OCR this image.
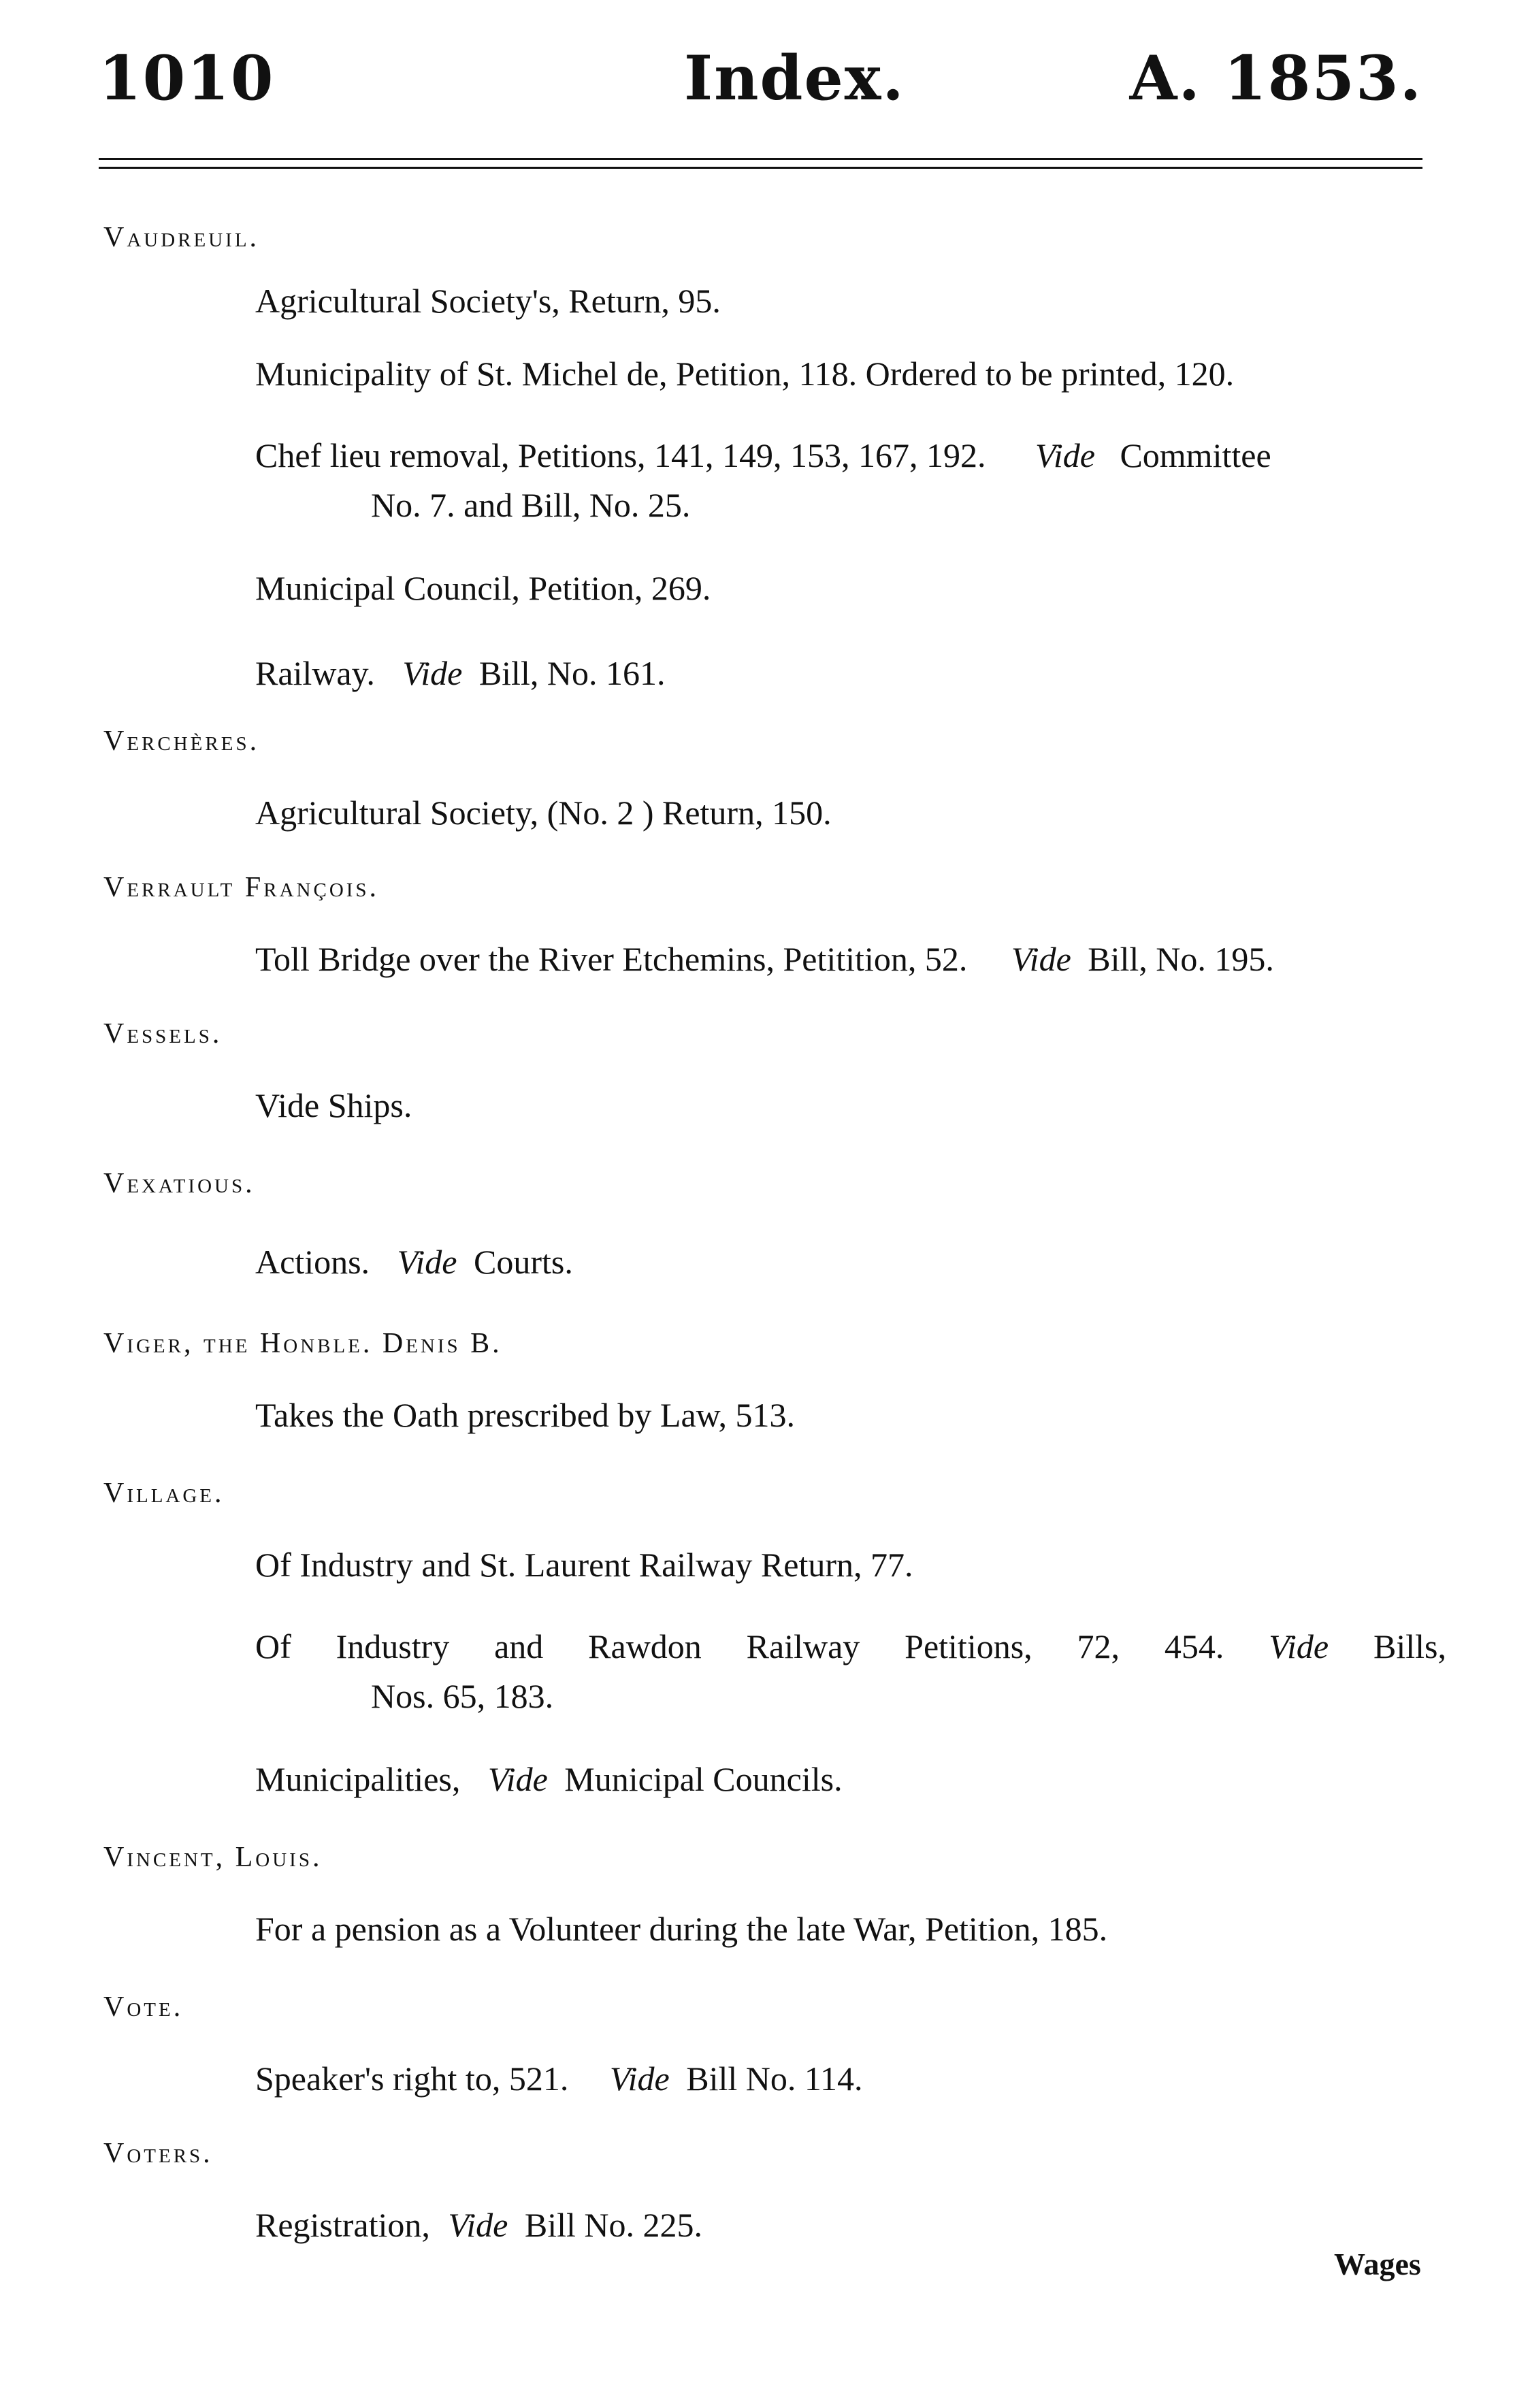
1010	Index.	A. 1853.
Vaudreuil.
Agricultural Society's, Return, 95.
Municipality of St. Michel de, Petition, 118. Ordered to be printed, 120.
Chef lieu removal, Petitions, 141, 149, 153, 167, 192. Vide Committee
No. 7. and Bill, No. 25.
Municipal Council, Petition, 269.
Railway. Vide Bill, No. 161.
Verchères.
Agricultural Society, (No. 2 ) Return, 150.
Verrault François.
Toll Bridge over the River Etchemins, Petitition, 52. Vide Bill, No. 195.
Vessels.
Vide Ships.
Vexatious.
Actions. Vide Courts.
Viger, the Honble. Denis B.
Takes the Oath prescribed by Law, 513.
Village.
Of Industry and St. Laurent Railway Return, 77.
Of Industry and Rawdon Railway Petitions, 72, 454. Vide Bills,
Nos. 65, 183.
Municipalities, Vide Municipal Councils.
Vincent, Louis.
For a pension as a Volunteer during the late War, Petition, 185.
Vote.
Speaker's right to, 521. Vide Bill No. 114.
Voters.
Registration, Vide Bill No. 225.
Wages
